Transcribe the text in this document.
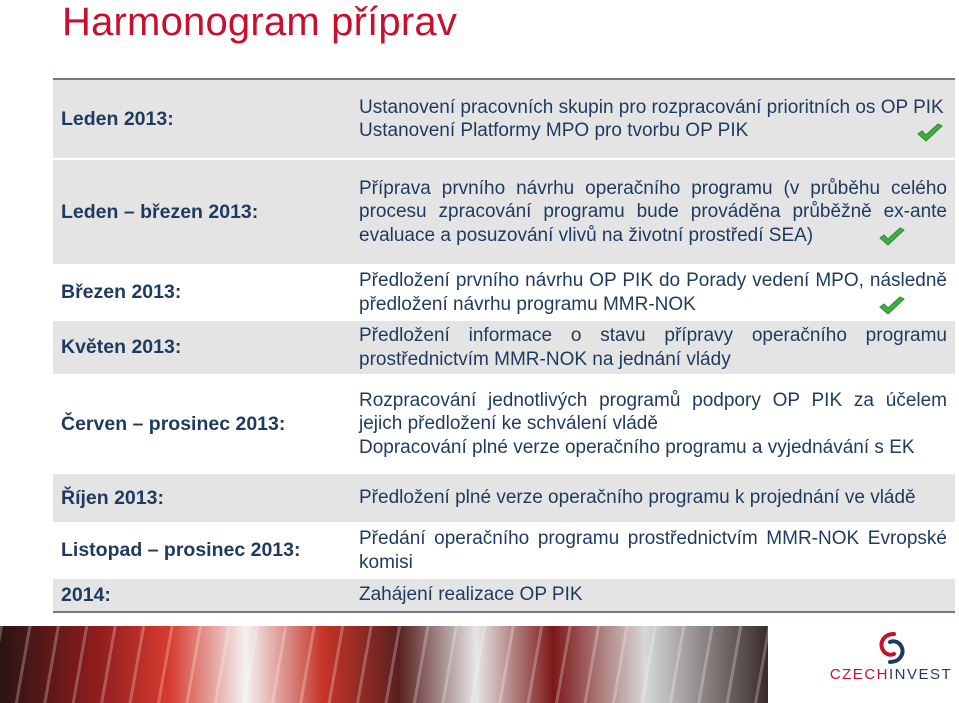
Harmonogram příprav
Leden 2013:	Ustanovení pracovních skupin pro rozpracování prioritních os OP PIK
Ustanovení Platformy MPO pro tvorbu OP PIK

Leden – březen 2013:	Příprava prvního návrhu operačního programu (v průběhu celého procesu zpracování programu bude prováděna průběžně ex-ante evaluace a posuzování vlivů na životní prostředí SEA)

Březen 2013:	Předložení prvního návrhu OP PIK do Porady vedení MPO, následně předložení návrhu programu MMR-NOK

Květen 2013:	Předložení informace o stavu přípravy operačního programu prostřednictvím MMR-NOK na jednání vlády

Červen – prosinec 2013:	Rozpracování jednotlivých programů podpory OP PIK za účelem jejich předložení ke schválení vládě
Dopracování plné verze operačního programu a vyjednávání s EK

Říjen 2013:	Předložení plné verze operačního programu k projednání ve vládě

Listopad – prosinec 2013:	Předání operačního programu prostřednictvím MMR-NOK Evropské komisi

2014:	Zahájení realizace OP PIK
CZECHINVEST
